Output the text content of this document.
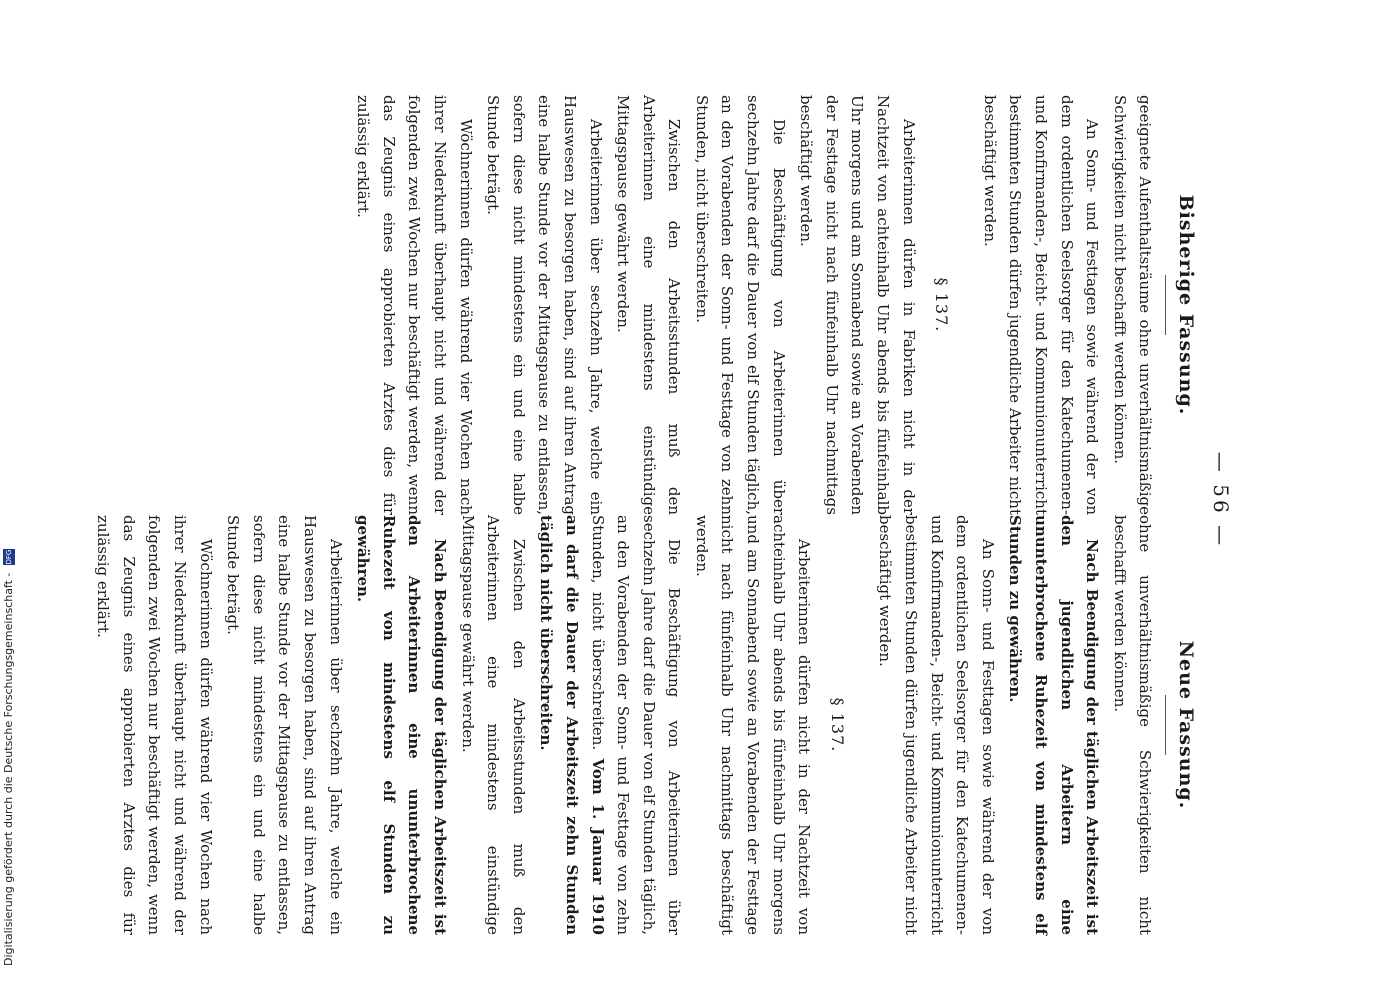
— 56 —
Bisherige Fassung.

geeignete Aufenthaltsräume ohne unverhältnismäßige Schwierigkeiten nicht beschafft werden können.

An Sonn- und Festtagen sowie während der von dem ordentlichen Seelsorger für den Katechumenen- und Konfirmanden-, Beicht- und Kommunionunterricht bestimmten Stunden dürfen jugendliche Arbeiter nicht beschäftigt werden.

§ 137.

Arbeiterinnen dürfen in Fabriken nicht in der Nachtzeit von achteinhalb Uhr abends bis fünfeinhalb Uhr morgens und am Sonnabend sowie an Vorabenden der Festtage nicht nach fünfeinhalb Uhr nachmittags beschäftigt werden.

Die Beschäftigung von Arbeiterinnen über sechzehn Jahre darf die Dauer von elf Stunden täglich, an den Vorabenden der Sonn- und Festtage von zehn Stunden, nicht überschreiten.

Zwischen den Arbeitsstunden muß den Arbeiterinnen eine mindestens einstündige Mittagspause gewährt werden.

Arbeiterinnen über sechzehn Jahre, welche ein Hauswesen zu besorgen haben, sind auf ihren Antrag eine halbe Stunde vor der Mittagspause zu entlassen, sofern diese nicht mindestens ein und eine halbe Stunde beträgt.

Wöchnerinnen dürfen während vier Wochen nach ihrer Niederkunft überhaupt nicht und während der folgenden zwei Wochen nur beschäftigt werden, wenn das Zeugnis eines approbierten Arztes dies für zulässig erklärt.

Neue Fassung.

ohne unverhältnismäßige Schwierigkeiten nicht beschafft werden können.

Nach Beendigung der täglichen Arbeitszeit ist den jugendlichen Arbeitern eine ununterbrochene Ruhezeit von mindestens elf Stunden zu gewähren.

An Sonn- und Festtagen sowie während der von dem ordentlichen Seelsorger für den Katechumenen- und Konfirmanden-, Beicht- und Kommunionunterricht bestimmten Stunden dürfen jugendliche Arbeiter nicht beschäftigt werden.

§ 137.

Arbeiterinnen dürfen nicht in der Nachtzeit von achteinhalb Uhr abends bis fünfeinhalb Uhr morgens und am Sonnabend sowie an Vorabenden der Festtage nicht nach fünfeinhalb Uhr nachmittags beschäftigt werden.

Die Beschäftigung von Arbeiterinnen über sechzehn Jahre darf die Dauer von elf Stunden täglich, an den Vorabenden der Sonn- und Festtage von zehn Stunden, nicht überschreiten. Vom 1. Januar 1910 an darf die Dauer der Arbeitszeit zehn Stunden täglich nicht überschreiten.

Zwischen den Arbeitsstunden muß den Arbeiterinnen eine mindestens einstündige Mittagspause gewährt werden.

Nach Beendigung der täglichen Arbeitszeit ist den Arbeiterinnen eine ununterbrochene Ruhezeit von mindestens elf Stunden zu gewähren.

Arbeiterinnen über sechzehn Jahre, welche ein Hauswesen zu besorgen haben, sind auf ihren Antrag eine halbe Stunde vor der Mittagspause zu entlassen, sofern diese nicht mindestens ein und eine halbe Stunde beträgt.

Wöchnerinnen dürfen während vier Wochen nach ihrer Niederkunft überhaupt nicht und während der folgenden zwei Wochen nur beschäftigt werden, wenn das Zeugnis eines approbierten Arztes dies für zulässig erklärt.

Digitalisierung gefördert durch die Deutsche Forschungsgemeinschaft - DFG
